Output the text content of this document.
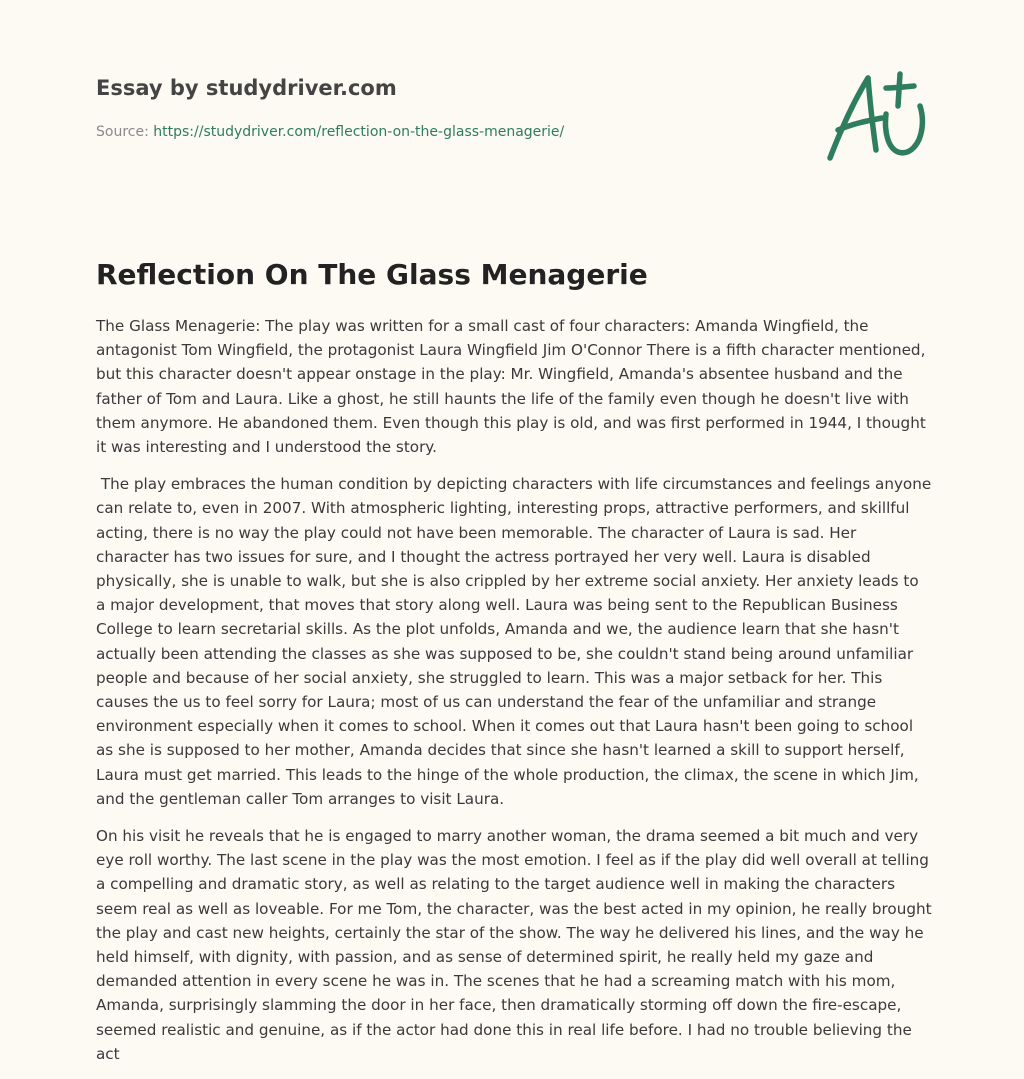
Essay by studydriver.com

Source: https://studydriver.com/reflection-on-the-glass-menagerie/

Reflection On The Glass Menagerie

The Glass Menagerie: The play was written for a small cast of four characters: Amanda Wingfield, the antagonist Tom Wingfield, the protagonist Laura Wingfield Jim O'Connor There is a fifth character mentioned, but this character doesn't appear onstage in the play: Mr. Wingfield, Amanda's absentee husband and the father of Tom and Laura. Like a ghost, he still haunts the life of the family even though he doesn't live with them anymore. He abandoned them. Even though this play is old, and was first performed in 1944, I thought it was interesting and I understood the story.

The play embraces the human condition by depicting characters with life circumstances and feelings anyone can relate to, even in 2007. With atmospheric lighting, interesting props, attractive performers, and skillful acting, there is no way the play could not have been memorable. The character of Laura is sad. Her character has two issues for sure, and I thought the actress portrayed her very well. Laura is disabled physically, she is unable to walk, but she is also crippled by her extreme social anxiety. Her anxiety leads to a major development, that moves that story along well. Laura was being sent to the Republican Business College to learn secretarial skills. As the plot unfolds, Amanda and we, the audience learn that she hasn't actually been attending the classes as she was supposed to be, she couldn't stand being around unfamiliar people and because of her social anxiety, she struggled to learn. This was a major setback for her. This causes the us to feel sorry for Laura; most of us can understand the fear of the unfamiliar and strange environment especially when it comes to school. When it comes out that Laura hasn't been going to school as she is supposed to her mother, Amanda decides that since she hasn't learned a skill to support herself, Laura must get married. This leads to the hinge of the whole production, the climax, the scene in which Jim, and the gentleman caller Tom arranges to visit Laura.

On his visit he reveals that he is engaged to marry another woman, the drama seemed a bit much and very eye roll worthy. The last scene in the play was the most emotion. I feel as if the play did well overall at telling a compelling and dramatic story, as well as relating to the target audience well in making the characters seem real as well as loveable. For me Tom, the character, was the best acted in my opinion, he really brought the play and cast new heights, certainly the star of the show. The way he delivered his lines, and the way he held himself, with dignity, with passion, and as sense of determined spirit, he really held my gaze and demanded attention in every scene he was in. The scenes that he had a screaming match with his mom, Amanda, surprisingly slamming the door in her face, then dramatically storming off down the fire-escape, seemed realistic and genuine, as if the actor had done this in real life before. I had no trouble believing the act
